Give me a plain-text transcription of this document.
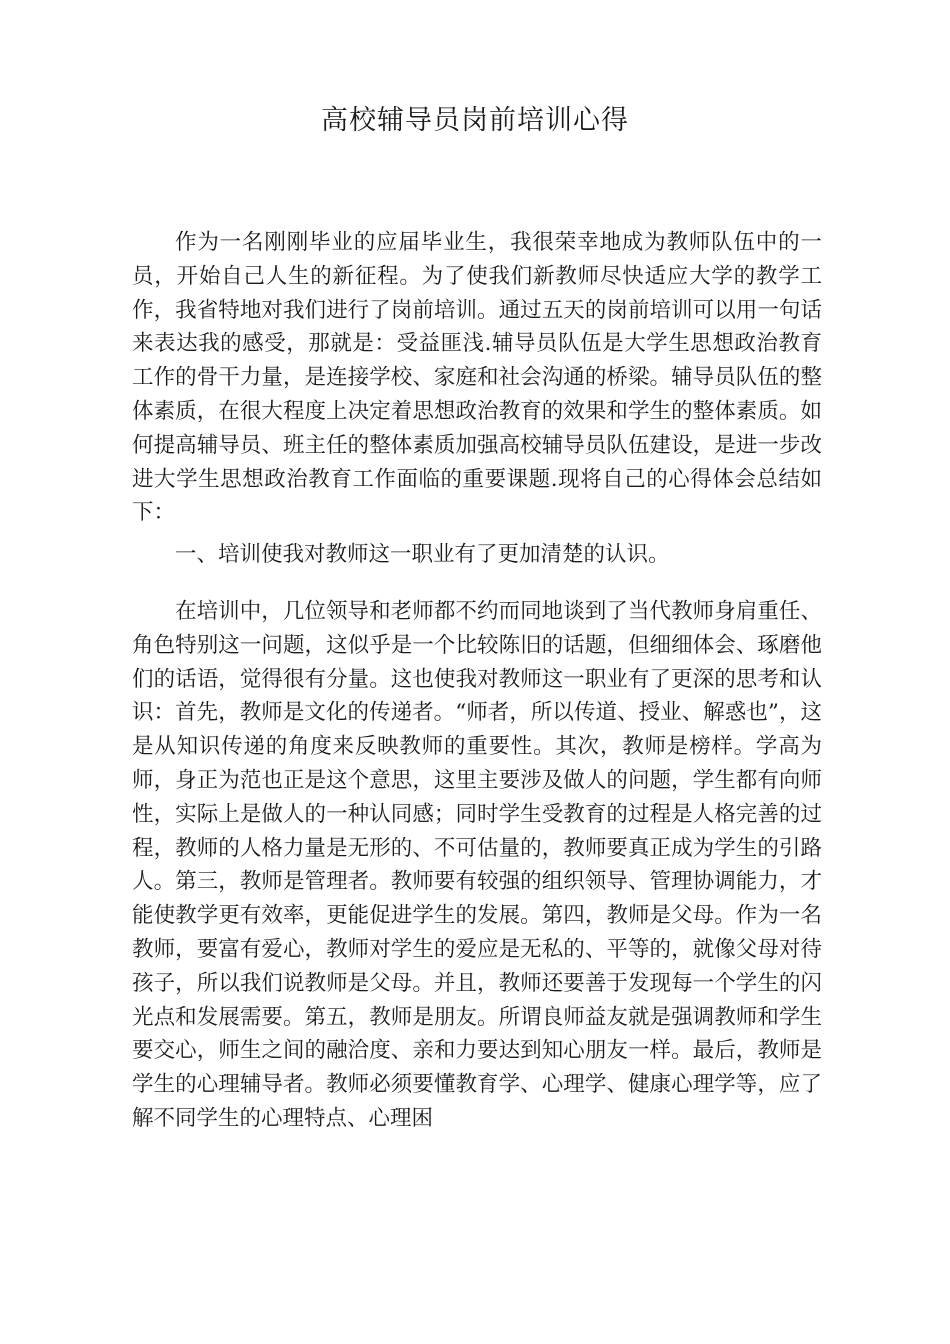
高校辅导员岗前培训心得

作为一名刚刚毕业的应届毕业生，我很荣幸地成为教师队伍中的一员，开始自己人生的新征程。为了使我们新教师尽快适应大学的教学工作，我省特地对我们进行了岗前培训。通过五天的岗前培训可以用一句话来表达我的感受，那就是：受益匪浅.辅导员队伍是大学生思想政治教育工作的骨干力量，是连接学校、家庭和社会沟通的桥梁。辅导员队伍的整体素质，在很大程度上决定着思想政治教育的效果和学生的整体素质。如何提高辅导员、班主任的整体素质加强高校辅导员队伍建设，是进一步改进大学生思想政治教育工作面临的重要课题.现将自己的心得体会总结如下：

一、培训使我对教师这一职业有了更加清楚的认识。

在培训中，几位领导和老师都不约而同地谈到了当代教师身肩重任、角色特别这一问题，这似乎是一个比较陈旧的话题，但细细体会、琢磨他们的话语，觉得很有分量。这也使我对教师这一职业有了更深的思考和认识：首先，教师是文化的传递者。“师者，所以传道、授业、解惑也”，这是从知识传递的角度来反映教师的重要性。其次，教师是榜样。学高为师，身正为范也正是这个意思，这里主要涉及做人的问题，学生都有向师性，实际上是做人的一种认同感；同时学生受教育的过程是人格完善的过程，教师的人格力量是无形的、不可估量的，教师要真正成为学生的引路人。第三，教师是管理者。教师要有较强的组织领导、管理协调能力，才能使教学更有效率，更能促进学生的发展。第四，教师是父母。作为一名教师，要富有爱心，教师对学生的爱应是无私的、平等的，就像父母对待孩子，所以我们说教师是父母。并且，教师还要善于发现每一个学生的闪光点和发展需要。第五，教师是朋友。所谓良师益友就是强调教师和学生要交心，师生之间的融洽度、亲和力要达到知心朋友一样。最后，教师是学生的心理辅导者。教师必须要懂教育学、心理学、健康心理学等，应了解不同学生的心理特点、心理困
